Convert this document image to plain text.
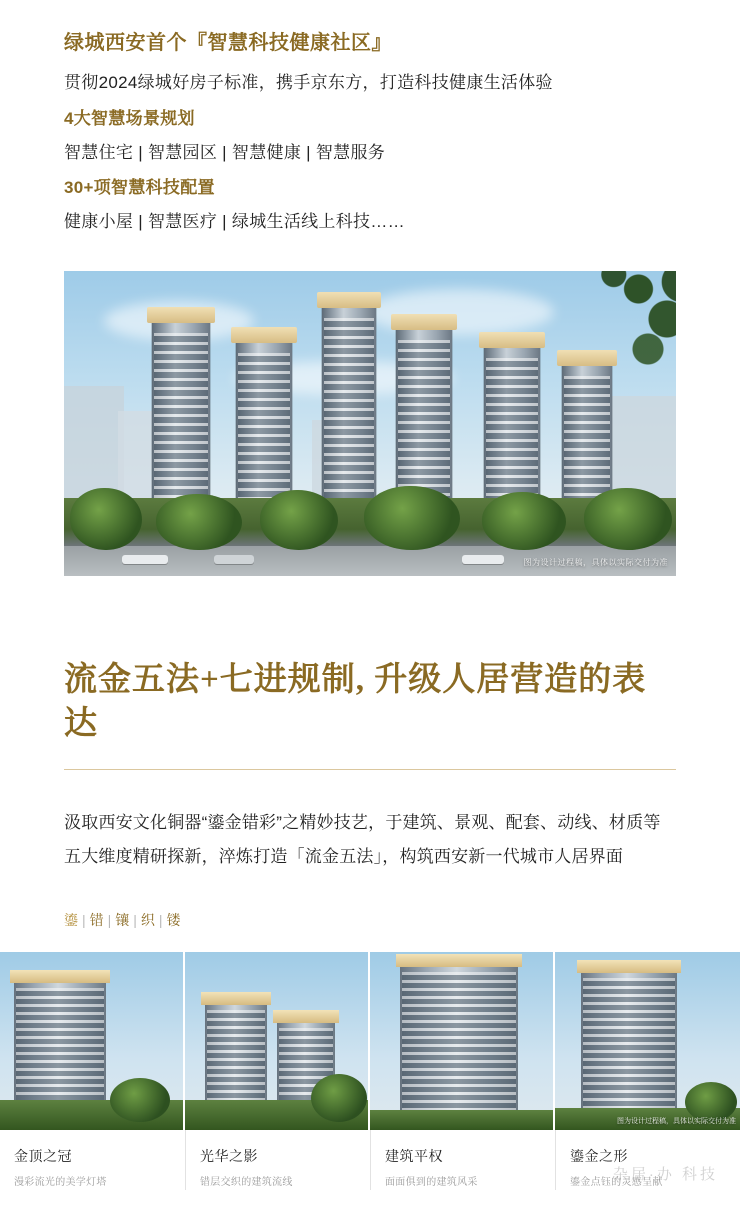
绿城西安首个『智慧科技健康社区』
贯彻2024绿城好房子标准，携手京东方，打造科技健康生活体验
4大智慧场景规划
智慧住宅 | 智慧园区 | 智慧健康 | 智慧服务
30+项智慧科技配置
健康小屋 | 智慧医疗 | 绿城生活线上科技……
图为设计过程稿，具体以实际交付为准
流金五法+七进规制, 升级人居营造的表达
汲取西安文化铜器“鎏金错彩”之精妙技艺，于建筑、景观、配套、动线、材质等五大维度精研探新，淬炼打造「流金五法」，构筑西安新一代城市人居界面
鎏 | 错 | 镶 | 织 | 镂
金顶之冠
漫彩流光的美学灯塔
光华之影
错层交织的建筑流线
建筑平权
面面俱到的建筑风采
图为设计过程稿，具体以实际交付为准
鎏金之形
鎏金点钰的灵感呈献
杂居·办 科技
